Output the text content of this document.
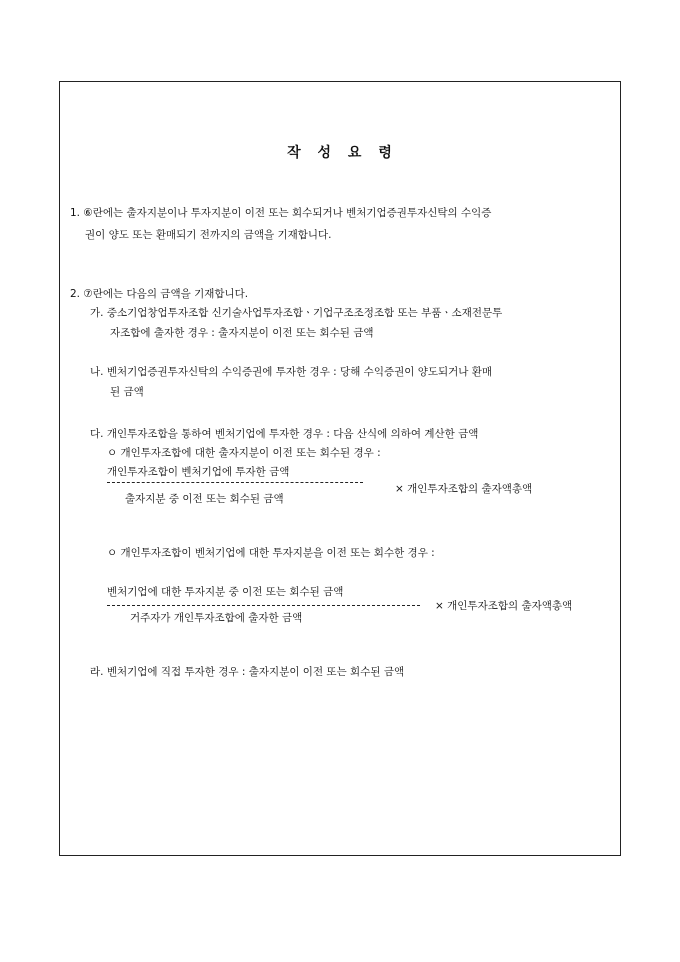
작 성 요 령
1. ⑥란에는 출자지분이나 투자지분이 이전 또는 회수되거나 벤처기업증권투자신탁의 수익증
권이 양도 또는 환매되기 전까지의 금액을 기재합니다.
2. ⑦란에는 다음의 금액을 기재합니다.
가. 중소기업창업투자조합 신기술사업투자조합ㆍ기업구조조정조합 또는 부품ㆍ소재전문투
자조합에 출자한 경우 : 출자지분이 이전 또는 회수된 금액
나. 벤처기업증권투자신탁의 수익증권에 투자한 경우 : 당해 수익증권이 양도되거나 환매
된 금액
다. 개인투자조합을 통하여 벤처기업에 투자한 경우 : 다음 산식에 의하여 계산한 금액
ㅇ 개인투자조합에 대한 출자지분이 이전 또는 회수된 경우 :
개인투자조합이 벤처기업에 투자한 금액
× 개인투자조합의 출자액총액
출자지분 중 이전 또는 회수된 금액
ㅇ 개인투자조합이 벤처기업에 대한 투자지분을 이전 또는 회수한 경우 :
벤처기업에 대한 투자지분 중 이전 또는 회수된 금액
× 개인투자조합의 출자액총액
거주자가 개인투자조합에 출자한 금액
라. 벤처기업에 직접 투자한 경우 : 출자지분이 이전 또는 회수된 금액
